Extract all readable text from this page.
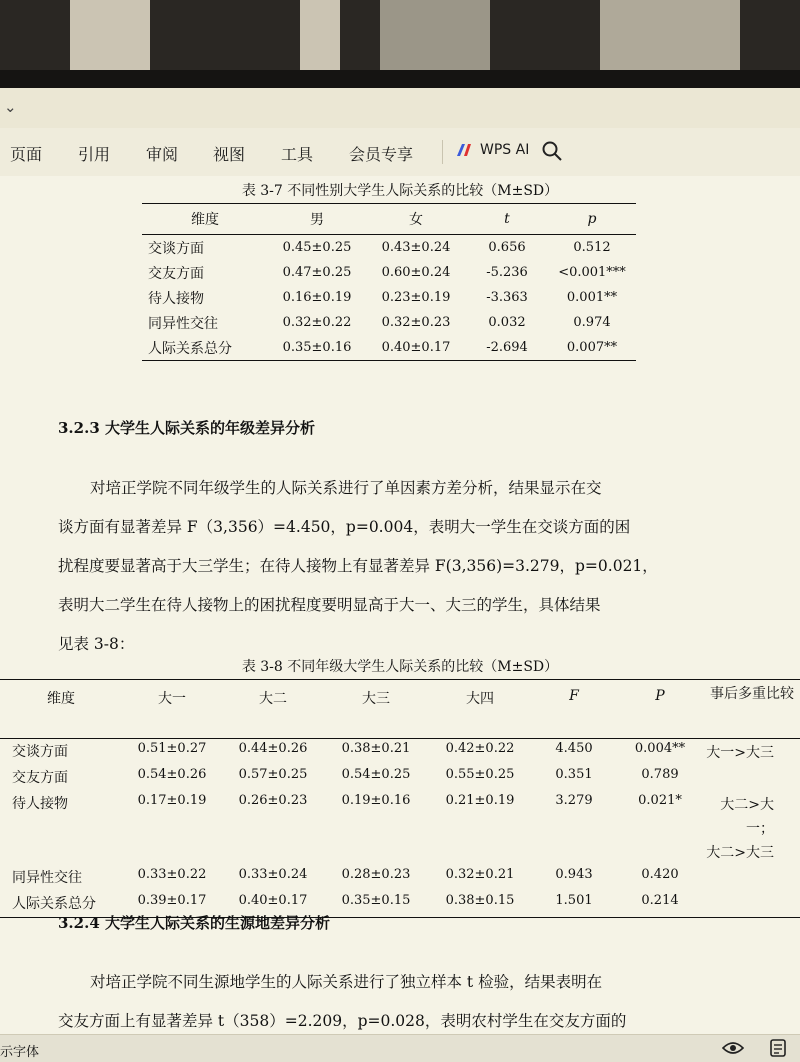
⌄
页面 引用 审阅 视图 工具 会员专享	WPS AI
表 3-7 不同性别大学生人际关系的比较（M±SD）
维度	男	女	t	p
交谈方面	0.45±0.25	0.43±0.24	0.656	0.512
交友方面	0.47±0.25	0.60±0.24	-5.236	<0.001***
待人接物	0.16±0.19	0.23±0.19	-3.363	0.001**
同异性交往	0.32±0.22	0.32±0.23	0.032	0.974
人际关系总分	0.35±0.16	0.40±0.17	-2.694	0.007**
3.2.3 大学生人际关系的年级差异分析
对培正学院不同年级学生的人际关系进行了单因素方差分析，结果显示在交
谈方面有显著差异 F（3,356）=4.450，p=0.004，表明大一学生在交谈方面的困
扰程度要显著高于大三学生；在待人接物上有显著差异 F(3,356)=3.279，p=0.021，
表明大二学生在待人接物上的困扰程度要明显高于大一、大三的学生，具体结果
见表 3-8：
表 3-8 不同年级大学生人际关系的比较（M±SD）
维度	大一	大二	大三	大四	F	P	事后多重比较
交谈方面	0.51±0.27	0.44±0.26	0.38±0.21	0.42±0.22	4.450	0.004**	大一>大三
交友方面	0.54±0.26	0.57±0.25	0.54±0.25	0.55±0.25	0.351	0.789	
待人接物	0.17±0.19	0.26±0.23	0.19±0.16	0.21±0.19	3.279	0.021*	大二>大一；
大二>大三
同异性交往	0.33±0.22	0.33±0.24	0.28±0.23	0.32±0.21	0.943	0.420	
人际关系总分	0.39±0.17	0.40±0.17	0.35±0.15	0.38±0.15	1.501	0.214	
3.2.4 大学生人际关系的生源地差异分析
对培正学院不同生源地学生的人际关系进行了独立样本 t 检验，结果表明在
交友方面上有显著差异 t（358）=2.209，p=0.028，表明农村学生在交友方面的
示字体
